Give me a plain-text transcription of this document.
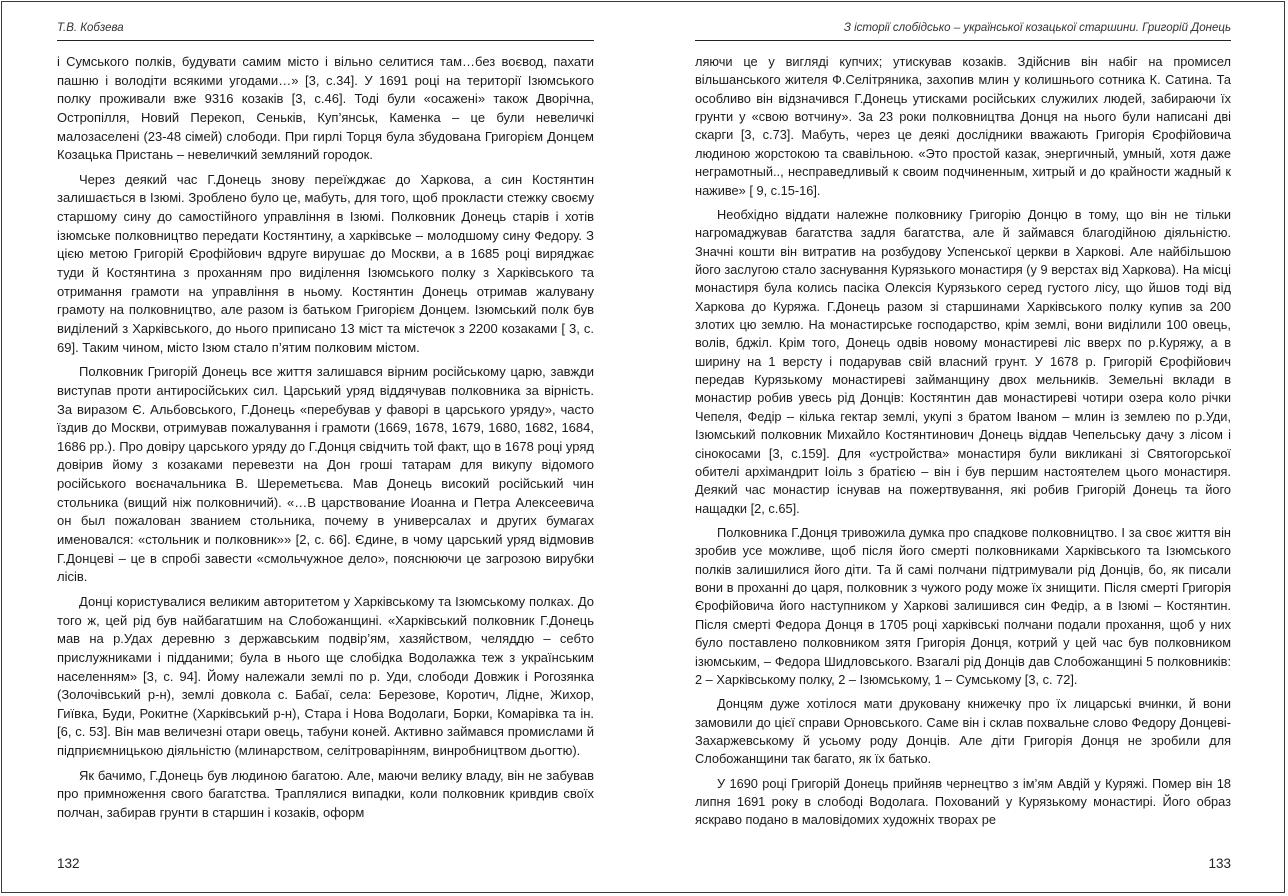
Т.В. Кобзева

і Сумського полків, будувати самим місто і вільно селитися там…без воєвод, пахати пашню і володіти всякими угодами…» [3, с.34]. У 1691 році на території Ізюмського полку проживали вже 9316 козаків [3, с.46]. Тоді були «осажені» також Дворічна, Остропілля, Новий Перекоп, Сеньків, Куп’янськ, Каменка – це були невеличкі малозаселені (23-48 сімей) слободи. При гирлі Торця була збудована Григорієм Донцем Козацька Пристань – невеличкий земляний городок.

Через деякий час Г.Донець знову переїжджає до Харкова, а син Костянтин залишається в Ізюмі. Зроблено було це, мабуть, для того, щоб прокласти стежку своєму старшому сину до самостійного управління в Ізюмі. Полковник Донець старів і хотів ізюмське полковництво передати Костянтину, а харківське – молодшому сину Федору. З цією метою Григорій Єрофійович вдруге вирушає до Москви, а в 1685 році виряджає туди й Костянтина з проханням про виділення Ізюмського полку з Харківського та отримання грамоти на управління в ньому. Костянтин Донець отримав жалувану грамоту на полковництво, але разом із батьком Григорієм Донцем. Ізюмський полк був виділений з Харківського, до нього приписано 13 міст та містечок з 2200 козаками [ 3, с. 69]. Таким чином, місто Ізюм стало п’ятим полковим містом.

Полковник Григорій Донець все життя залишався вірним російському царю, завжди виступав проти антиросійських сил. Царський уряд віддячував полковника за вірність. За виразом Є. Альбовського, Г.Донець «перебував у фаворі в царського уряду», часто їздив до Москви, отримував пожалування і грамоти (1669, 1678, 1679, 1680, 1682, 1684, 1686 рр.). Про довіру царського уряду до Г.Донця свідчить той факт, що в 1678 році уряд довірив йому з козаками перевезти на Дон гроші татарам для викупу відомого російського воєначальника В. Шереметьєва. Мав Донець високий російський чин стольника (вищий ніж полковничий). «…В царствование Иоанна и Петра Алексеевича он был пожалован званием стольника, почему в универсалах и других бумагах именовался: «стольник и полковник»» [2, с. 66]. Єдине, в чому царський уряд відмовив Г.Донцеві – це в спробі завести «смольчужное дело», пояснюючи це загрозою вирубки лісів.

Донці користувалися великим авторитетом у Харківському та Ізюмському полках. До того ж, цей рід був найбагатшим на Слобожанщині. «Харківський полковник Г.Донець мав на р.Удах деревню з державським подвір’ям, хазяйством, челяддю – себто прислужниками і підданими; була в нього ще слобідка Водолажка теж з українським населенням» [3, с. 94]. Йому належали землі по р. Уди, слободи Довжик і Рогозянка (Золочівський р-н), землі довкола с. Бабаї, села: Березове, Коротич, Лідне, Жихор, Гиївка, Буди, Рокитне (Харківський р-н), Стара і Нова Водолаги, Борки, Комарівка та ін. [6, с. 53]. Він мав величезні отари овець, табуни коней. Активно займався промислами й підприємницькою діяльністю (млинарством, селітроварінням, винробництвом дьогтю).

Як бачимо, Г.Донець був людиною багатою. Але, маючи велику владу, він не забував про примноження свого багатства. Траплялися випадки, коли полковник кривдив своїх полчан, забирав грунти в старшин і козаків, оформ

132
З історії слобідсько – української козацької старшини. Григорій Донець

ляючи це у вигляді купчих; утискував козаків. Здійснив він набіг на промисел вільшанського жителя Ф.Селітряника, захопив млин у колишнього сотника К. Сатина. Та особливо він відзначився Г.Донець утисками російських служилих людей, забираючи їх грунти у «свою вотчину». За 23 роки полковництва Донця на нього були написані дві скарги [3, с.73]. Мабуть, через це деякі дослідники вважають Григорія Єрофійовича людиною жорстокою та свавільною. «Это простой казак, энергичный, умный, хотя даже неграмотный.., несправедливый к своим подчиненным, хитрый и до крайности жадный к наживе» [ 9, с.15-16].

Необхідно віддати належне полковнику Григорію Донцю в тому, що він не тільки нагромаджував багатства задля багатства, але й займався благодійною діяльністю. Значні кошти він витратив на розбудову Успенської церкви в Харкові. Але найбільшою його заслугою стало заснування Курязького монастиря (у 9 верстах від Харкова). На місці монастиря була колись пасіка Олексія Курязького серед густого лісу, що йшов тоді від Харкова до Куряжа. Г.Донець разом зі старшинами Харківського полку купив за 200 злотих цю землю. На монастирське господарство, крім землі, вони виділили 100 овець, волів, бджіл. Крім того, Донець одвів новому монастиреві ліс вверх по р.Куряжу, а в ширину на 1 версту і подарував свій власний грунт. У 1678 р. Григорій Єрофійович передав Курязькому монастиреві займанщину двох мельників. Земельні вклади в монастир робив увесь рід Донців: Костянтин дав монастиреві чотири озера коло річки Чепеля, Федір – кілька гектар землі, укупі з братом Іваном – млин із землею по р.Уди, Ізюмський полковник Михайло Костянтинович Донець віддав Чепельську дачу з лісом і сінокосами [3, с.159]. Для «устройства» монастиря були викликані зі Святогорської обителі архімандрит Іоіль з братією – він і був першим настоятелем цього монастиря. Деякий час монастир існував на пожертвування, які робив Григорій Донець та його нащадки [2, с.65].

Полковника Г.Донця тривожила думка про спадкове полковництво. І за своє життя він зробив усе можливе, щоб після його смерті полковниками Харківського та Ізюмського полків залишилися його діти. Та й самі полчани підтримували рід Донців, бо, як писали вони в проханні до царя, полковник з чужого роду може їх знищити. Після смерті Григорія Єрофійовича його наступником у Харкові залишився син Федір, а в Ізюмі – Костянтин. Після смерті Федора Донця в 1705 році харківські полчани подали прохання, щоб у них було поставлено полковником зятя Григорія Донця, котрий у цей час був полковником ізюмським, – Федора Шидловського. Взагалі рід Донців дав Слобожанщині 5 полковників: 2 – Харківському полку, 2 – Ізюмському, 1 – Сумському [3, с. 72].

Донцям дуже хотілося мати друковану книжечку про їх лицарські вчинки, й вони замовили до цієї справи Орновського. Саме він і склав похвальне слово Федору Донцеві-Захаржевському й усьому роду Донців. Але діти Григорія Донця не зробили для Слобожанщини так багато, як їх батько.

У 1690 році Григорій Донець прийняв чернецтво з ім’ям Авдій у Куряжі. Помер він 18 липня 1691 року в слободі Водолага. Похований у Курязькому монастирі. Його образ яскраво подано в маловідомих художніх творах ре

133
